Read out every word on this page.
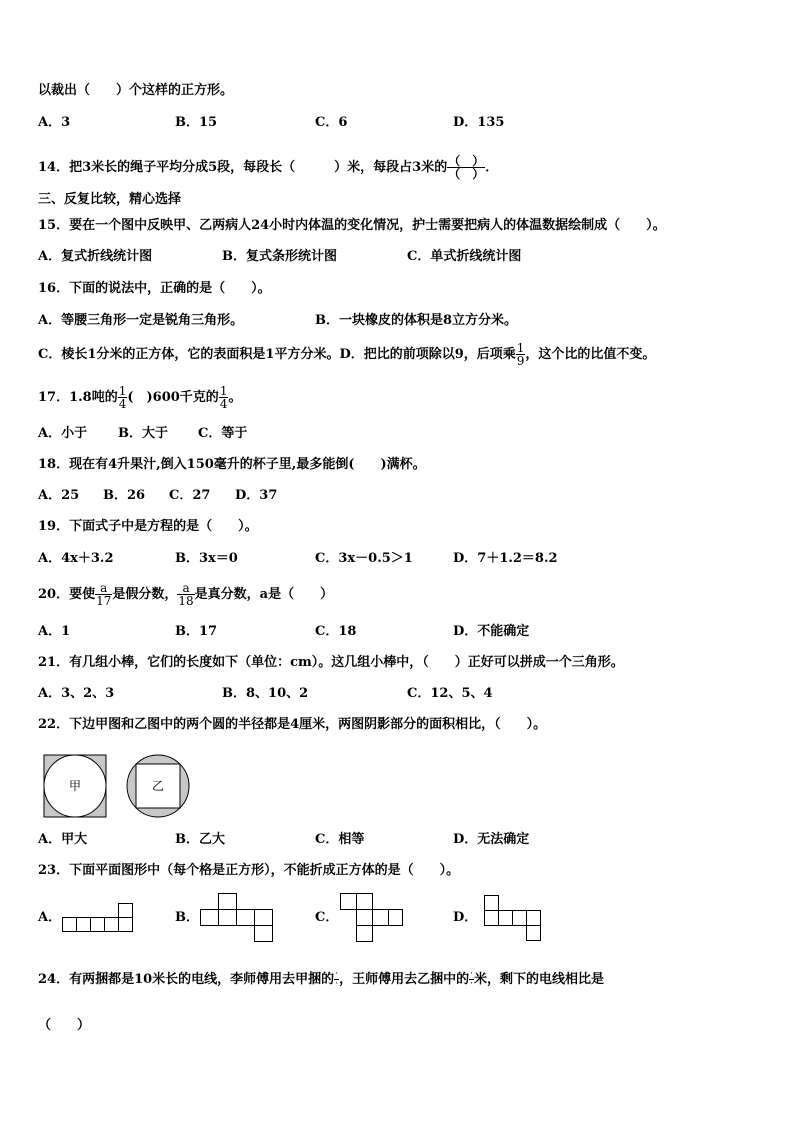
以裁出（　　）个这样的正方形。
A．3	B．15	C．6	D．135
14．把3米长的绳子平均分成5段，每段长（　　　）米，每段占3米的 $\frac{( )}{( )}$ ．
三、反复比较，精心选择
15．要在一个图中反映甲、乙两病人24小时内体温的变化情况，护士需要把病人的体温数据绘制成（　　）。
A．复式折线统计图	B．复式条形统计图	C．单式折线统计图
16．下面的说法中，正确的是（　　）。
A．等腰三角形一定是锐角三角形。	B．一块橡皮的体积是8立方分米。
C．棱长1分米的正方体，它的表面积是1平方分米。D．把比的前项除以9，后项乘 $\frac{1}{9}$ ，这个比的比值不变。
17．1.8吨的 $\frac{1}{4}$ (　)600千克的 $\frac{1}{4}$ 。
A．小于 B．大于 C．等于
18．现在有4升果汁,倒入150毫升的杯子里,最多能倒(　　)满杯。
A．25 B．26 C．27 D．37
19．下面式子中是方程的是（　　）。
A．4x＋3.2	B．3x＝0	C．3x－0.5＞1	D．7＋1.2＝8.2
20．要使 $\frac{a}{17}$ 是假分数， $\frac{a}{18}$ 是真分数，a是（　　）
A．1	B．17	C．18	D．不能确定
21．有几组小棒，它们的长度如下（单位：cm）。这几组小棒中，（　　）正好可以拼成一个三角形。
A．3、2、3	B．8、10、2	C．12、5、4
22．下边甲图和乙图中的两个圆的半径都是4厘米，两图阴影部分的面积相比，（　　）。
甲	乙
A．甲大	B．乙大	C．相等	D．无法确定
23．下面平面图形中（每个格是正方形），不能折成正方体的是（　　）。
A．	B．	C．	D．
24．有两捆都是10米长的电线，李师傅用去甲捆的 $\frac{\cdot}{\cdot}$ ，王师傅用去乙捆中的 $\frac{\cdot}{\cdot}$ 米，剩下的电线相比是
（　　）
